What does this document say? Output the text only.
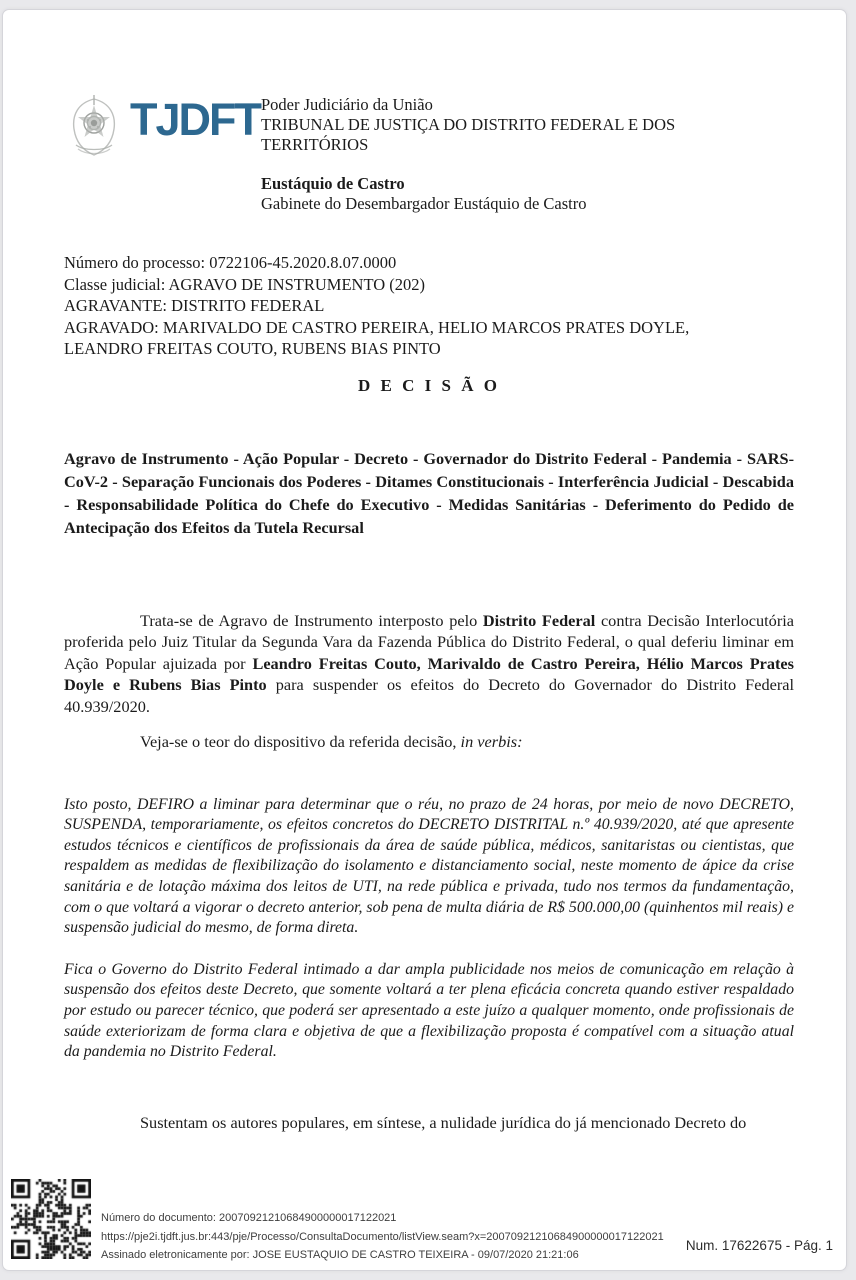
TJDFT Poder Judiciário da União
TRIBUNAL DE JUSTIÇA DO DISTRITO FEDERAL E DOS
TERRITÓRIOS
Eustáquio de Castro
Gabinete do Desembargador Eustáquio de Castro
Número do processo: 0722106-45.2020.8.07.0000
Classe judicial: AGRAVO DE INSTRUMENTO (202)
AGRAVANTE: DISTRITO FEDERAL
AGRAVADO: MARIVALDO DE CASTRO PEREIRA, HELIO MARCOS PRATES DOYLE,
LEANDRO FREITAS COUTO, RUBENS BIAS PINTO
D E C I S Ã O
Agravo de Instrumento - Ação Popular - Decreto - Governador do Distrito Federal - Pandemia - SARS-CoV-2 - Separação Funcionais dos Poderes - Ditames Constitucionais - Interferência Judicial - Descabida - Responsabilidade Política do Chefe do Executivo - Medidas Sanitárias - Deferimento do Pedido de Antecipação dos Efeitos da Tutela Recursal
Trata-se de Agravo de Instrumento interposto pelo Distrito Federal contra Decisão Interlocutória proferida pelo Juiz Titular da Segunda Vara da Fazenda Pública do Distrito Federal, o qual deferiu liminar em Ação Popular ajuizada por Leandro Freitas Couto, Marivaldo de Castro Pereira, Hélio Marcos Prates Doyle e Rubens Bias Pinto para suspender os efeitos do Decreto do Governador do Distrito Federal 40.939/2020.
Veja-se o teor do dispositivo da referida decisão, in verbis:
Isto posto, DEFIRO a liminar para determinar que o réu, no prazo de 24 horas, por meio de novo DECRETO, SUSPENDA, temporariamente, os efeitos concretos do DECRETO DISTRITAL n.º 40.939/2020, até que apresente estudos técnicos e científicos de profissionais da área de saúde pública, médicos, sanitaristas ou cientistas, que respaldem as medidas de flexibilização do isolamento e distanciamento social, neste momento de ápice da crise sanitária e de lotação máxima dos leitos de UTI, na rede pública e privada, tudo nos termos da fundamentação, com o que voltará a vigorar o decreto anterior, sob pena de multa diária de R$ 500.000,00 (quinhentos mil reais) e suspensão judicial do mesmo, de forma direta.
Fica o Governo do Distrito Federal intimado a dar ampla publicidade nos meios de comunicação em relação à suspensão dos efeitos deste Decreto, que somente voltará a ter plena eficácia concreta quando estiver respaldado por estudo ou parecer técnico, que poderá ser apresentado a este juízo a qualquer momento, onde profissionais de saúde exteriorizam de forma clara e objetiva de que a flexibilização proposta é compatível com a situação atual da pandemia no Distrito Federal.
Sustentam os autores populares, em síntese, a nulidade jurídica do já mencionado Decreto do
Número do documento: 20070921210684900000017122021
https://pje2i.tjdft.jus.br:443/pje/Processo/ConsultaDocumento/listView.seam?x=20070921210684900000017122021
Assinado eletronicamente por: JOSE EUSTAQUIO DE CASTRO TEIXEIRA - 09/07/2020 21:21:06
Num. 17622675 - Pág. 1
